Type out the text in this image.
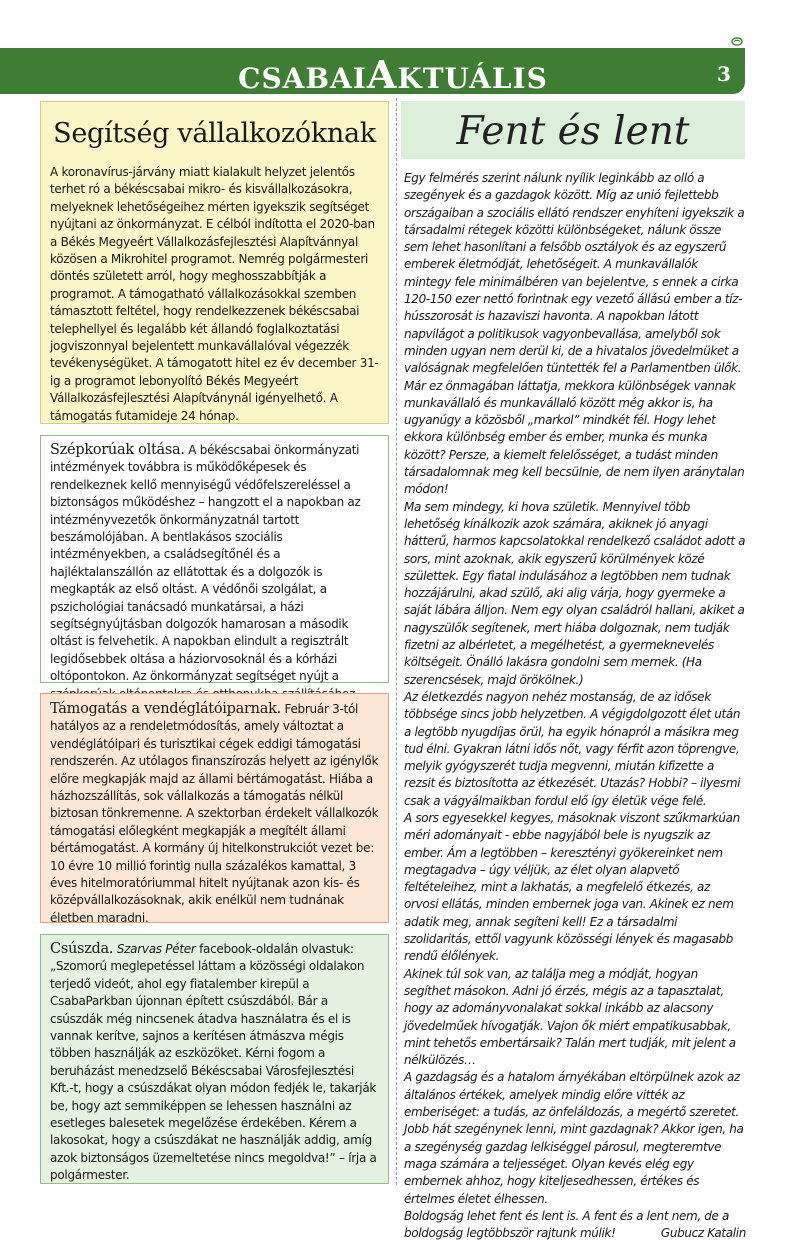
CSABAIAKTUÁLIS	3
Segítség vállalkozóknak
A koronavírus-járvány miatt kialakult helyzet jelentős terhet ró a békéscsabai mikro- és kisvállalkozásokra, melyeknek lehetőségeihez mérten igyekszik segítséget nyújtani az önkormányzat. E célból indította el 2020-ban a Békés Megyeért Vállalkozásfejlesztési Alapítvánnyal közösen a Mikrohitel programot. Nemrég polgármesteri döntés született arról, hogy meghosszabbítják a programot. A támogatható vállalkozásokkal szemben támasztott feltétel, hogy rendelkezzenek békéscsabai telephellyel és legalább két állandó foglalkoztatási jogviszonnyal bejelentett munkavállalóval végezzék tevékenységüket. A támogatott hitel ez év december 31-ig a programot lebonyolító Békés Megyeért Vállalkozásfejlesztési Alapítványnál igényelhető. A támogatás futamideje 24 hónap.
Szépkorúak oltása. A békéscsabai önkormányzati intézmények továbbra is működőképesek és rendelkeznek kellő mennyiségű védőfelszereléssel a biztonságos működéshez – hangzott el a napokban az intézményvezetők önkormányzatnál tartott beszámolójában. A bentlakásos szociális intézményekben, a családsegítőnél és a hajléktalanszállón az ellátottak és a dolgozók is megkapták az első oltást. A védőnői szolgálat, a pszichológiai tanácsadó munkatársai, a házi segítségnyújtásban dolgozók hamarosan a második oltást is felvehetik. A napokban elindult a regisztrált legidősebbek oltása a háziorvosoknál és a kórházi oltópontokon. Az önkormányzat segítséget nyújt a
Támogatás a vendéglátóiparnak. Február 3-tól hatályos az a rendeletmódosítás, amely változtat a vendéglátóipari és turisztikai cégek eddigi támogatási rendszerén. Az utólagos finanszírozás helyett az igénylők előre megkapják majd az állami bértámogatást. Hiába a házhozszállítás, sok vállalkozás a támogatás nélkül biztosan tönkremenne. A szektorban érdekelt vállalkozók támogatási előlegként megkapják a megítélt állami bértámogatást. A kormány új hitelkonstrukciót vezet be: 10 évre 10 millió forintig nulla százalékos kamattal, 3 éves hitelmoratóriummal hitelt nyújtanak azon kis- és középvállalkozásoknak, akik enélkül nem tudnának életben maradni.
Csúszda. Szarvas Péter facebook-oldalán olvastuk: „Szomorú meglepetéssel láttam a közösségi oldalakon terjedő videót, ahol egy fiatalember kirepül a CsabaParkban újonnan épített csúszdából. Bár a csúszdák még nincsenek átadva használatra és el is vannak kerítve, sajnos a kerítésen átmászva mégis többen használják az eszközöket. Kérni fogom a beruházást menedzselő Békéscsabai Városfejlesztési Kft.-t, hogy a csúszdákat olyan módon fedjék le, takarják be, hogy azt semmiképpen se lehessen használni az esetleges balesetek megelőzése érdekében. Kérem a lakosokat, hogy a csúszdákat ne használják addig, amíg azok biztonságos üzemeltetése nincs megoldva!” – írja a polgármester.
Fent és lent

Egy felmérés szerint nálunk nyílik leginkább az olló a szegények és a gazdagok között. Míg az unió fejlettebb országaiban a szociális ellátó rendszer enyhíteni igyekszik a társadalmi rétegek közötti különbségeket, nálunk össze sem lehet hasonlítani a felsőbb osztályok és az egyszerű emberek életmódját, lehetőségeit. A munkavállalók mintegy fele minimálbéren van bejelentve, s ennek a cirka 120-150 ezer nettó forintnak egy vezető állású ember a tíz-hússzorosát is hazaviszi havonta. A napokban látott napvilágot a politikusok vagyonbevallása, amelyből sok minden ugyan nem derül ki, de a hivatalos jövedelmüket a valóságnak megfelelően tüntették fel a Parlamentben ülők. Már ez önmagában láttatja, mekkora különbségek vannak munkavállaló és munkavállaló között még akkor is, ha ugyanúgy a közösből „markol” mindkét fél. Hogy lehet ekkora különbség ember és ember, munka és munka között? Persze, a kiemelt felelősséget, a tudást minden társadalomnak meg kell becsülnie, de nem ilyen aránytalan módon!

Ma sem mindegy, ki hova születik. Mennyivel több lehetőség kínálkozik azok számára, akiknek jó anyagi hátterű, harmos kapcsolatokkal rendelkező családot adott a sors, mint azoknak, akik egyszerű körülmények közé születtek. Egy fiatal indulásához a legtöbben nem tudnak hozzájárulni, akad szülő, aki alig várja, hogy gyermeke a saját lábára álljon. Nem egy olyan családról hallani, akiket a nagyszülők segítenek, mert hiába dolgoznak, nem tudják fizetni az albérletet, a megélhetést, a gyermeknevelés költségeit. Önálló lakásra gondolni sem mernek. (Ha szerencsések, majd örökölnek.)

Az életkezdés nagyon nehéz mostanság, de az idősek többsége sincs jobb helyzetben. A végigdolgozott élet után a legtöbb nyugdíjas örül, ha egyik hónapról a másikra meg tud élni. Gyakran látni idős nőt, vagy férfit azon töprengve, melyik gyógyszerét tudja megvenni, miután kifizette a rezsit és biztosította az étkezését. Utazás? Hobbi? – ilyesmi csak a vágyálmaikban fordul elő így életük vége felé.

A sors egyesekkel kegyes, másoknak viszont szűkmarkúan méri adományait - ebbe nagyjából bele is nyugszik az ember. Ám a legtöbben – keresztényi gyökereinket nem megtagadva – úgy véljük, az élet olyan alapvető feltételeihez, mint a lakhatás, a megfelelő étkezés, az orvosi ellátás, minden embernek joga van. Akinek ez nem adatik meg, annak segíteni kell! Ez a társadalmi szolidaritás, ettől vagyunk közösségi lények és magasabb rendű élőlények.

Akinek túl sok van, az találja meg a módját, hogyan segíthet másokon. Adni jó érzés, mégis az a tapasztalat, hogy az adományvonalakat sokkal inkább az alacsony jövedelműek hívogatják. Vajon ők miért empatikusabbak, mint tehetős embertársaik? Talán mert tudják, mit jelent a nélkülözés…

A gazdagság és a hatalom árnyékában eltörpülnek azok az általános értékek, amelyek mindig előre vitték az emberiséget: a tudás, az önfeláldozás, a megértő szeretet. Jobb hát szegénynek lenni, mint gazdagnak? Akkor igen, ha a szegénység gazdag lelkiséggel párosul, megteremtve maga számára a teljességet. Olyan kevés elég egy embernek ahhoz, hogy kiteljesedhessen, értékes és értelmes életet élhessen.

Boldogság lehet fent és lent is. A fent és a lent nem, de a boldogság legtöbbször rajtunk múlik!	Gubucz Katalin
